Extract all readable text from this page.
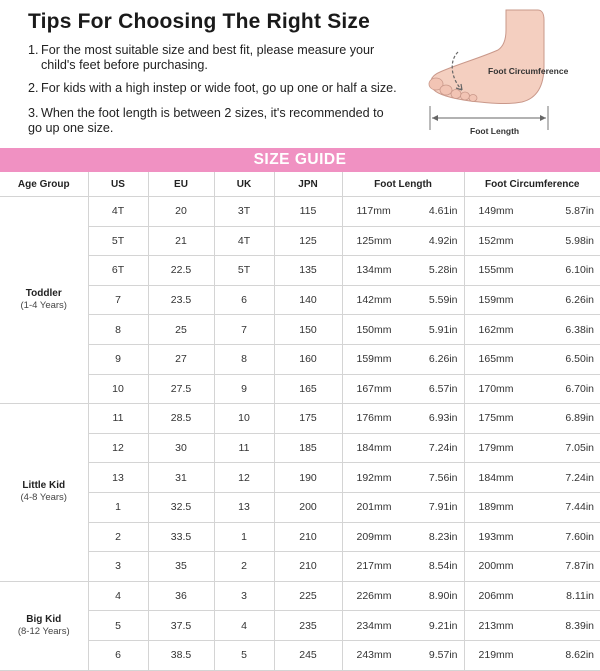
Tips For Choosing The Right Size
1. For the most suitable size and best fit, please measure your
child's feet before purchasing.
2. For kids with a high instep or wide foot, go up one or half a size.
3. When the foot length is between 2 sizes, it's recommended to
go up one size.
Foot Circumference
Foot Length
SIZE GUIDE
Age Group	US	EU	UK	JPN	Foot Length		Foot Circumference	
Toddler
(1-4 Years)	4T	20	3T	115	117mm	4.61in	149mm	5.87in
	5T	21	4T	125	125mm	4.92in	152mm	5.98in
	6T	22.5	5T	135	134mm	5.28in	155mm	6.10in
	7	23.5	6	140	142mm	5.59in	159mm	6.26in
	8	25	7	150	150mm	5.91in	162mm	6.38in
	9	27	8	160	159mm	6.26in	165mm	6.50in
	10	27.5	9	165	167mm	6.57in	170mm	6.70in
Little Kid
(4-8 Years)	11	28.5	10	175	176mm	6.93in	175mm	6.89in
	12	30	11	185	184mm	7.24in	179mm	7.05in
	13	31	12	190	192mm	7.56in	184mm	7.24in
	1	32.5	13	200	201mm	7.91in	189mm	7.44in
	2	33.5	1	210	209mm	8.23in	193mm	7.60in
	3	35	2	210	217mm	8.54in	200mm	7.87in
Big Kid
(8-12 Years)	4	36	3	225	226mm	8.90in	206mm	8.11in
	5	37.5	4	235	234mm	9.21in	213mm	8.39in
	6	38.5	5	245	243mm	9.57in	219mm	8.62in
